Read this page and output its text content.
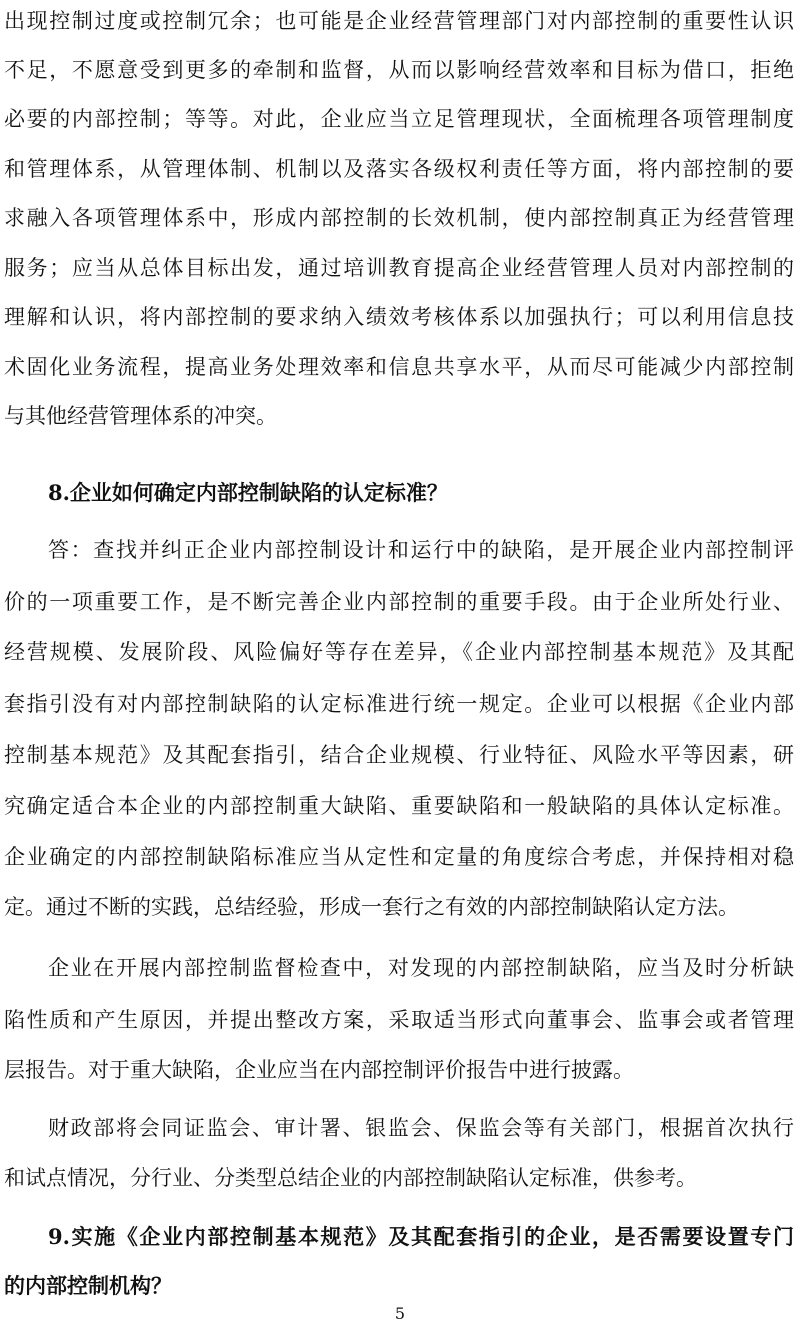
出现控制过度或控制冗余；也可能是企业经营管理部门对内部控制的重要性认识
不足，不愿意受到更多的牵制和监督，从而以影响经营效率和目标为借口，拒绝
必要的内部控制；等等。对此，企业应当立足管理现状，全面梳理各项管理制度
和管理体系，从管理体制、机制以及落实各级权利责任等方面，将内部控制的要
求融入各项管理体系中，形成内部控制的长效机制，使内部控制真正为经营管理
服务；应当从总体目标出发，通过培训教育提高企业经营管理人员对内部控制的
理解和认识，将内部控制的要求纳入绩效考核体系以加强执行；可以利用信息技
术固化业务流程，提高业务处理效率和信息共享水平，从而尽可能减少内部控制
与其他经营管理体系的冲突。
8.企业如何确定内部控制缺陷的认定标准？
答：查找并纠正企业内部控制设计和运行中的缺陷，是开展企业内部控制评
价的一项重要工作，是不断完善企业内部控制的重要手段。由于企业所处行业、
经营规模、发展阶段、风险偏好等存在差异，《企业内部控制基本规范》及其配
套指引没有对内部控制缺陷的认定标准进行统一规定。企业可以根据《企业内部
控制基本规范》及其配套指引，结合企业规模、行业特征、风险水平等因素，研
究确定适合本企业的内部控制重大缺陷、重要缺陷和一般缺陷的具体认定标准。
企业确定的内部控制缺陷标准应当从定性和定量的角度综合考虑，并保持相对稳
定。通过不断的实践，总结经验，形成一套行之有效的内部控制缺陷认定方法。
企业在开展内部控制监督检查中，对发现的内部控制缺陷，应当及时分析缺
陷性质和产生原因，并提出整改方案，采取适当形式向董事会、监事会或者管理
层报告。对于重大缺陷，企业应当在内部控制评价报告中进行披露。
财政部将会同证监会、审计署、银监会、保监会等有关部门，根据首次执行
和试点情况，分行业、分类型总结企业的内部控制缺陷认定标准，供参考。
9.实施《企业内部控制基本规范》及其配套指引的企业，是否需要设置专门
的内部控制机构？
5
